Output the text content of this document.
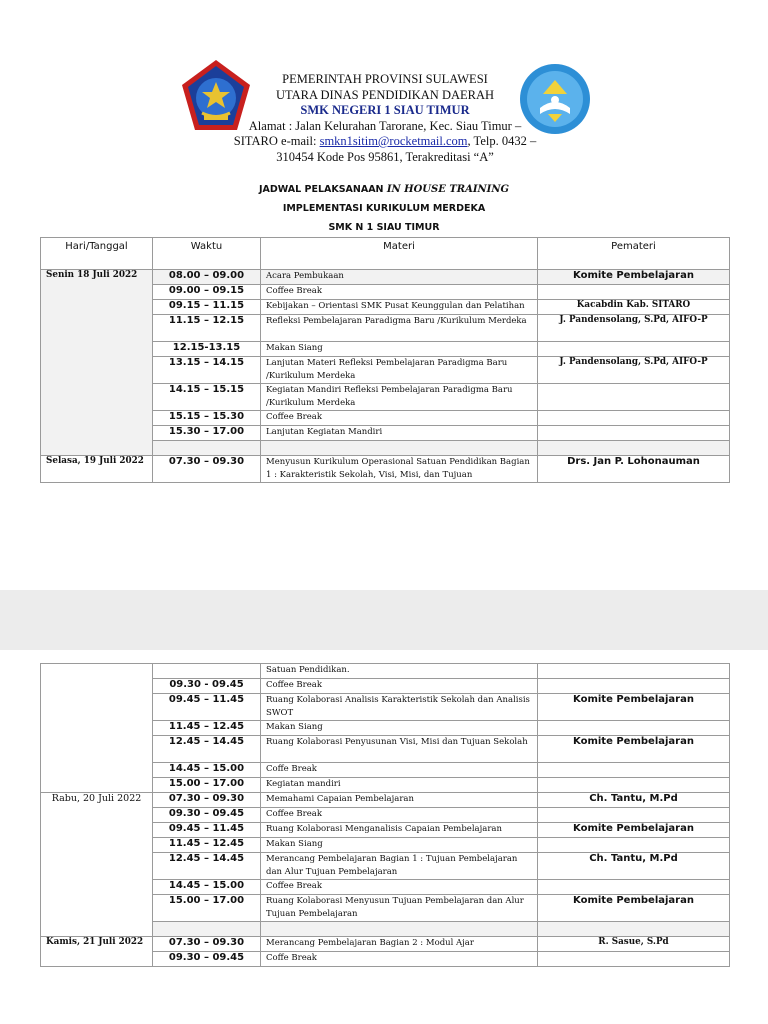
PEMERINTAH PROVINSI SULAWESI
UTARA DINAS PENDIDIKAN DAERAH
SMK NEGERI 1 SIAU TIMUR
Alamat : Jalan Kelurahan Tarorane, Kec. Siau Timur –
SITARO e-mail: smkn1sitim@rocketmail.com, Telp. 0432 –
310454 Kode Pos 95861, Terakreditasi “A”
JADWAL PELAKSANAAN IN HOUSE TRAINING
IMPLEMENTASI KURIKULUM MERDEKA
SMK N 1 SIAU TIMUR
Hari/Tanggal	Waktu	Materi	Pemateri
Senin 18 Juli 2022	08.00 – 09.00	Acara Pembukaan	Komite Pembelajaran
	09.00 – 09.15	Coffee Break	
	09.15 – 11.15	Kebijakan – Orientasi SMK Pusat Keunggulan dan Pelatihan	Kacabdin Kab. SITARO
	11.15 – 12.15	Refleksi Pembelajaran Paradigma Baru /Kurikulum Merdeka	J. Pandensolang, S.Pd, AIFO-P
	12.15-13.15	Makan Siang	
	13.15 – 14.15	Lanjutan Materi Refleksi Pembelajaran Paradigma Baru /Kurikulum Merdeka	J. Pandensolang, S.Pd, AIFO-P
	14.15 – 15.15	Kegiatan Mandiri Refleksi Pembelajaran Paradigma Baru /Kurikulum Merdeka	
	15.15 – 15.30	Coffee Break	
	15.30 – 17.00	Lanjutan Kegiatan Mandiri	

Selasa, 19 Juli 2022	07.30 – 09.30	Menyusun Kurikulum Operasional Satuan Pendidikan Bagian 1 : Karakteristik Sekolah, Visi, Misi, dan Tujuan	Drs. Jan P. Lohonauman
		Satuan Pendidikan.	
	09.30 - 09.45	Coffee Break	
	09.45 – 11.45	Ruang Kolaborasi Analisis Karakteristik Sekolah dan Analisis SWOT	Komite Pembelajaran
	11.45 – 12.45	Makan Siang	
	12.45 – 14.45	Ruang Kolaborasi Penyusunan Visi, Misi dan Tujuan Sekolah	Komite Pembelajaran
	14.45 – 15.00	Coffe Break	
	15.00 – 17.00	Kegiatan mandiri	
Rabu, 20 Juli 2022	07.30 – 09.30	Memahami Capaian Pembelajaran	Ch. Tantu, M.Pd
	09.30 – 09.45	Coffee Break	
	09.45 – 11.45	Ruang Kolaborasi Menganalisis Capaian Pembelajaran	Komite Pembelajaran
	11.45 – 12.45	Makan Siang	
	12.45 – 14.45	Merancang Pembelajaran Bagian 1 : Tujuan Pembelajaran dan Alur Tujuan Pembelajaran	Ch. Tantu, M.Pd
	14.45 – 15.00	Coffee Break	
	15.00 – 17.00	Ruang Kolaborasi Menyusun Tujuan Pembelajaran dan Alur Tujuan Pembelajaran	Komite Pembelajaran

Kamis, 21 Juli 2022	07.30 – 09.30	Merancang Pembelajaran Bagian 2 : Modul Ajar	R. Sasue, S.Pd
	09.30 – 09.45	Coffe Break	
